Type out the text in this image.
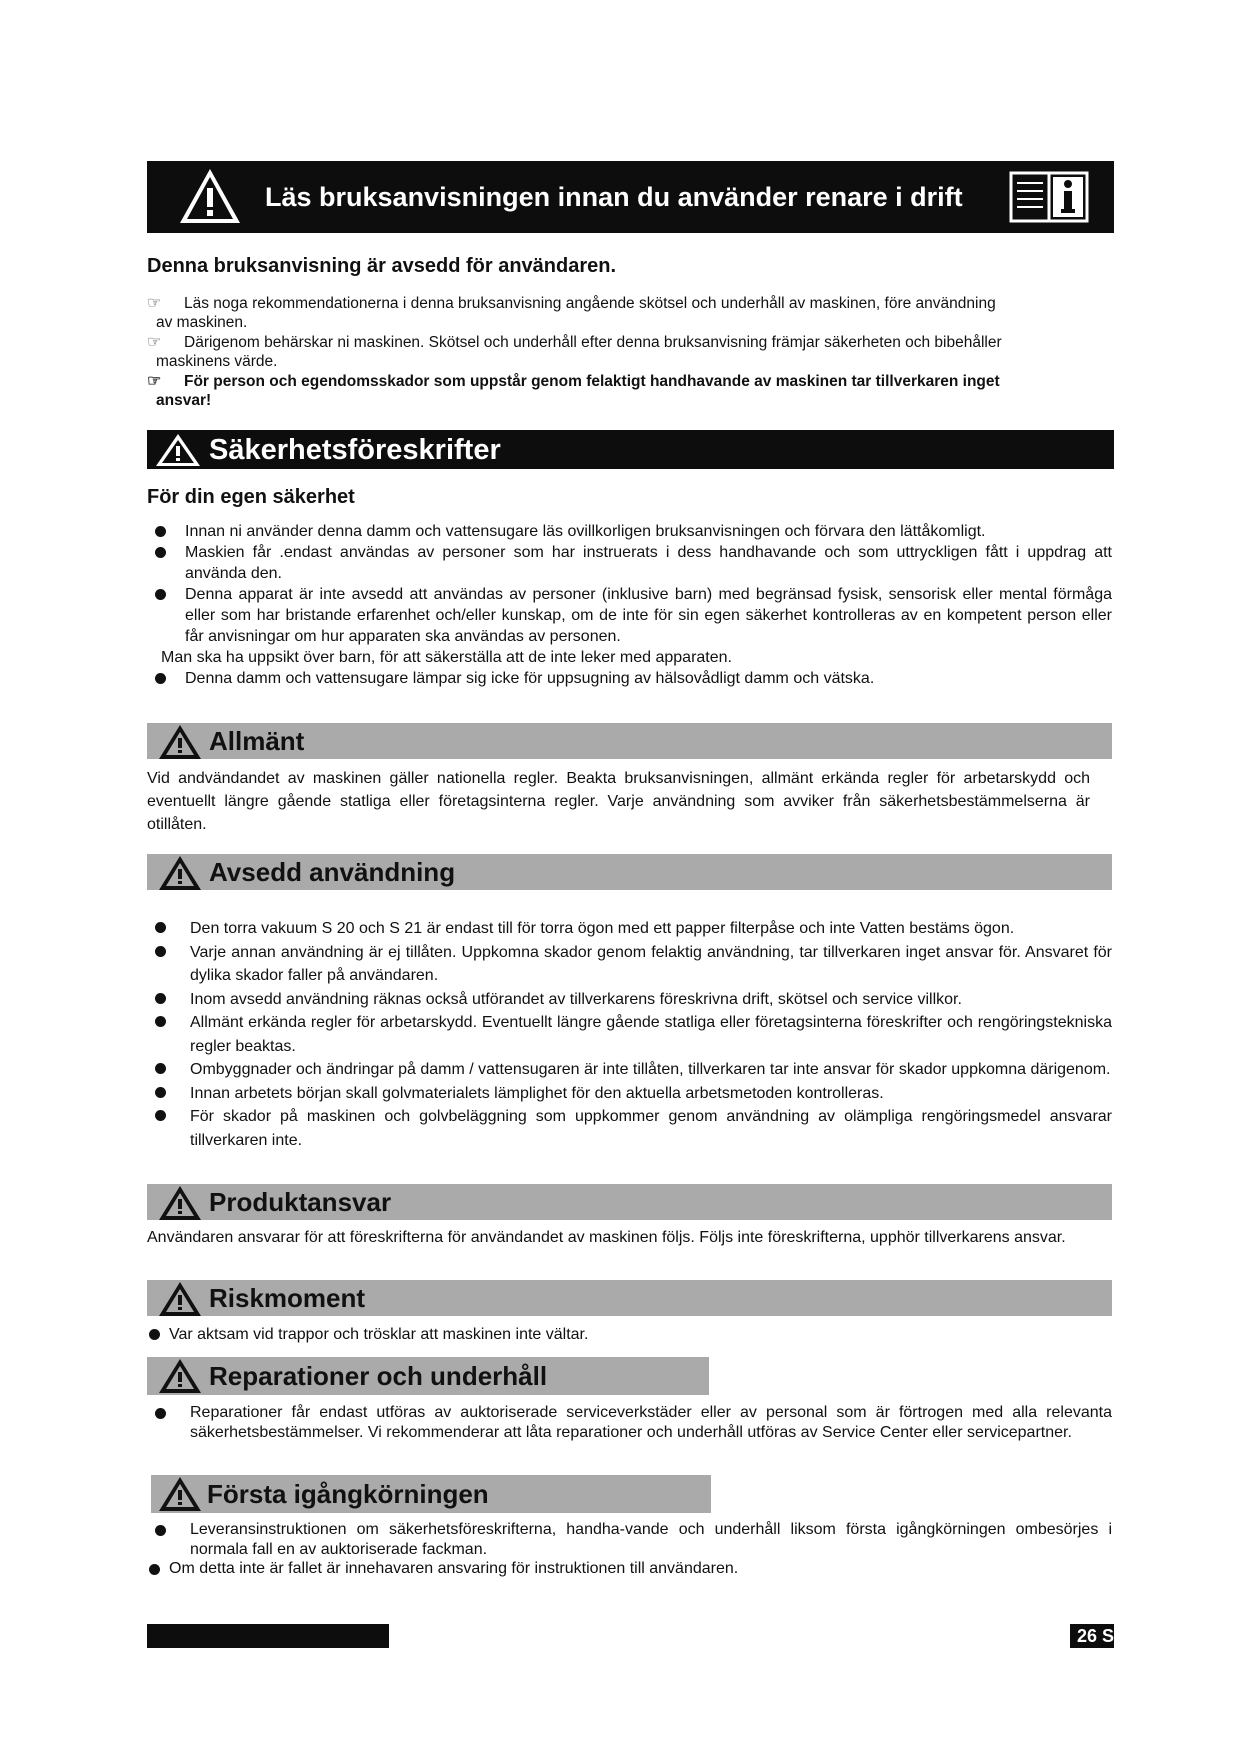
Läs bruksanvisningen innan du använder renare i drift
Denna bruksanvisning är avsedd för användaren.
☞ Läs noga rekommendationerna i denna bruksanvisning angående skötsel och underhåll av maskinen, före användning
av maskinen.
☞ Därigenom behärskar ni maskinen. Skötsel och underhåll efter denna bruksanvisning främjar säkerheten och bibehåller
maskinens värde.
☞ För person och egendomsskador som uppstår genom felaktigt handhavande av maskinen tar tillverkaren inget
ansvar!
Säkerhetsföreskrifter
För din egen säkerhet
Innan ni använder denna damm och vattensugare läs ovillkorligen bruksanvisningen och förvara den lättåkomligt.
Maskien får .endast användas av personer som har instruerats i dess handhavande och som uttryckligen fått i uppdrag att använda den.
Denna apparat är inte avsedd att användas av personer (inklusive barn) med begränsad fysisk, sensorisk eller mental förmåga eller som har bristande erfarenhet och/eller kunskap, om de inte för sin egen säkerhet kontrolleras av en kompetent person eller får anvisningar om hur apparaten ska användas av personen.
Man ska ha uppsikt över barn, för att säkerställa att de inte leker med apparaten.
Denna damm och vattensugare lämpar sig icke för uppsugning av hälsovådligt damm och vätska.
Allmänt
Vid andvändandet av maskinen gäller nationella regler. Beakta bruksanvisningen, allmänt erkända regler för arbetarskydd och eventuellt längre gående statliga eller företagsinterna regler. Varje användning som avviker från säkerhetsbestämmelserna är otillåten.
Avsedd användning
Den torra vakuum S 20 och S 21 är endast till för torra ögon med ett papper filterpåse och inte Vatten bestäms ögon.
Varje annan användning är ej tillåten. Uppkomna skador genom felaktig användning, tar tillverkaren inget ansvar för. Ansvaret för dylika skador faller på användaren.
Inom avsedd användning räknas också utförandet av tillverkarens föreskrivna drift, skötsel och service villkor.
Allmänt erkända regler för arbetarskydd. Eventuellt längre gående statliga eller företagsinterna föreskrifter och rengöringstekniska regler beaktas.
Ombyggnader och ändringar på damm / vattensugaren är inte tillåten, tillverkaren tar inte ansvar för skador uppkomna därigenom.
Innan arbetets början skall golvmaterialets lämplighet för den aktuella arbetsmetoden kontrolleras.
För skador på maskinen och golvbeläggning som uppkommer genom användning av olämpliga rengöringsmedel ansvarar tillverkaren inte.
Produktansvar
Användaren ansvarar för att föreskrifterna för användandet av maskinen följs. Följs inte föreskrifterna, upphör tillverkarens ansvar.
Riskmoment
Var aktsam vid trappor och trösklar att maskinen inte vältar.
Reparationer och underhåll
Reparationer får endast utföras av auktoriserade serviceverkstäder eller av personal som är förtrogen med alla relevanta säkerhetsbestämmelser. Vi rekommenderar att låta reparationer och underhåll utföras av Service Center eller servicepartner.
Första igångkörningen
Leveransinstruktionen om säkerhetsföreskrifterna, handha-vande och underhåll liksom första igångkörningen ombesörjes i normala fall en av auktoriserade fackman.
Om detta inte är fallet är innehavaren ansvaring för instruktionen till användaren.
26 S
